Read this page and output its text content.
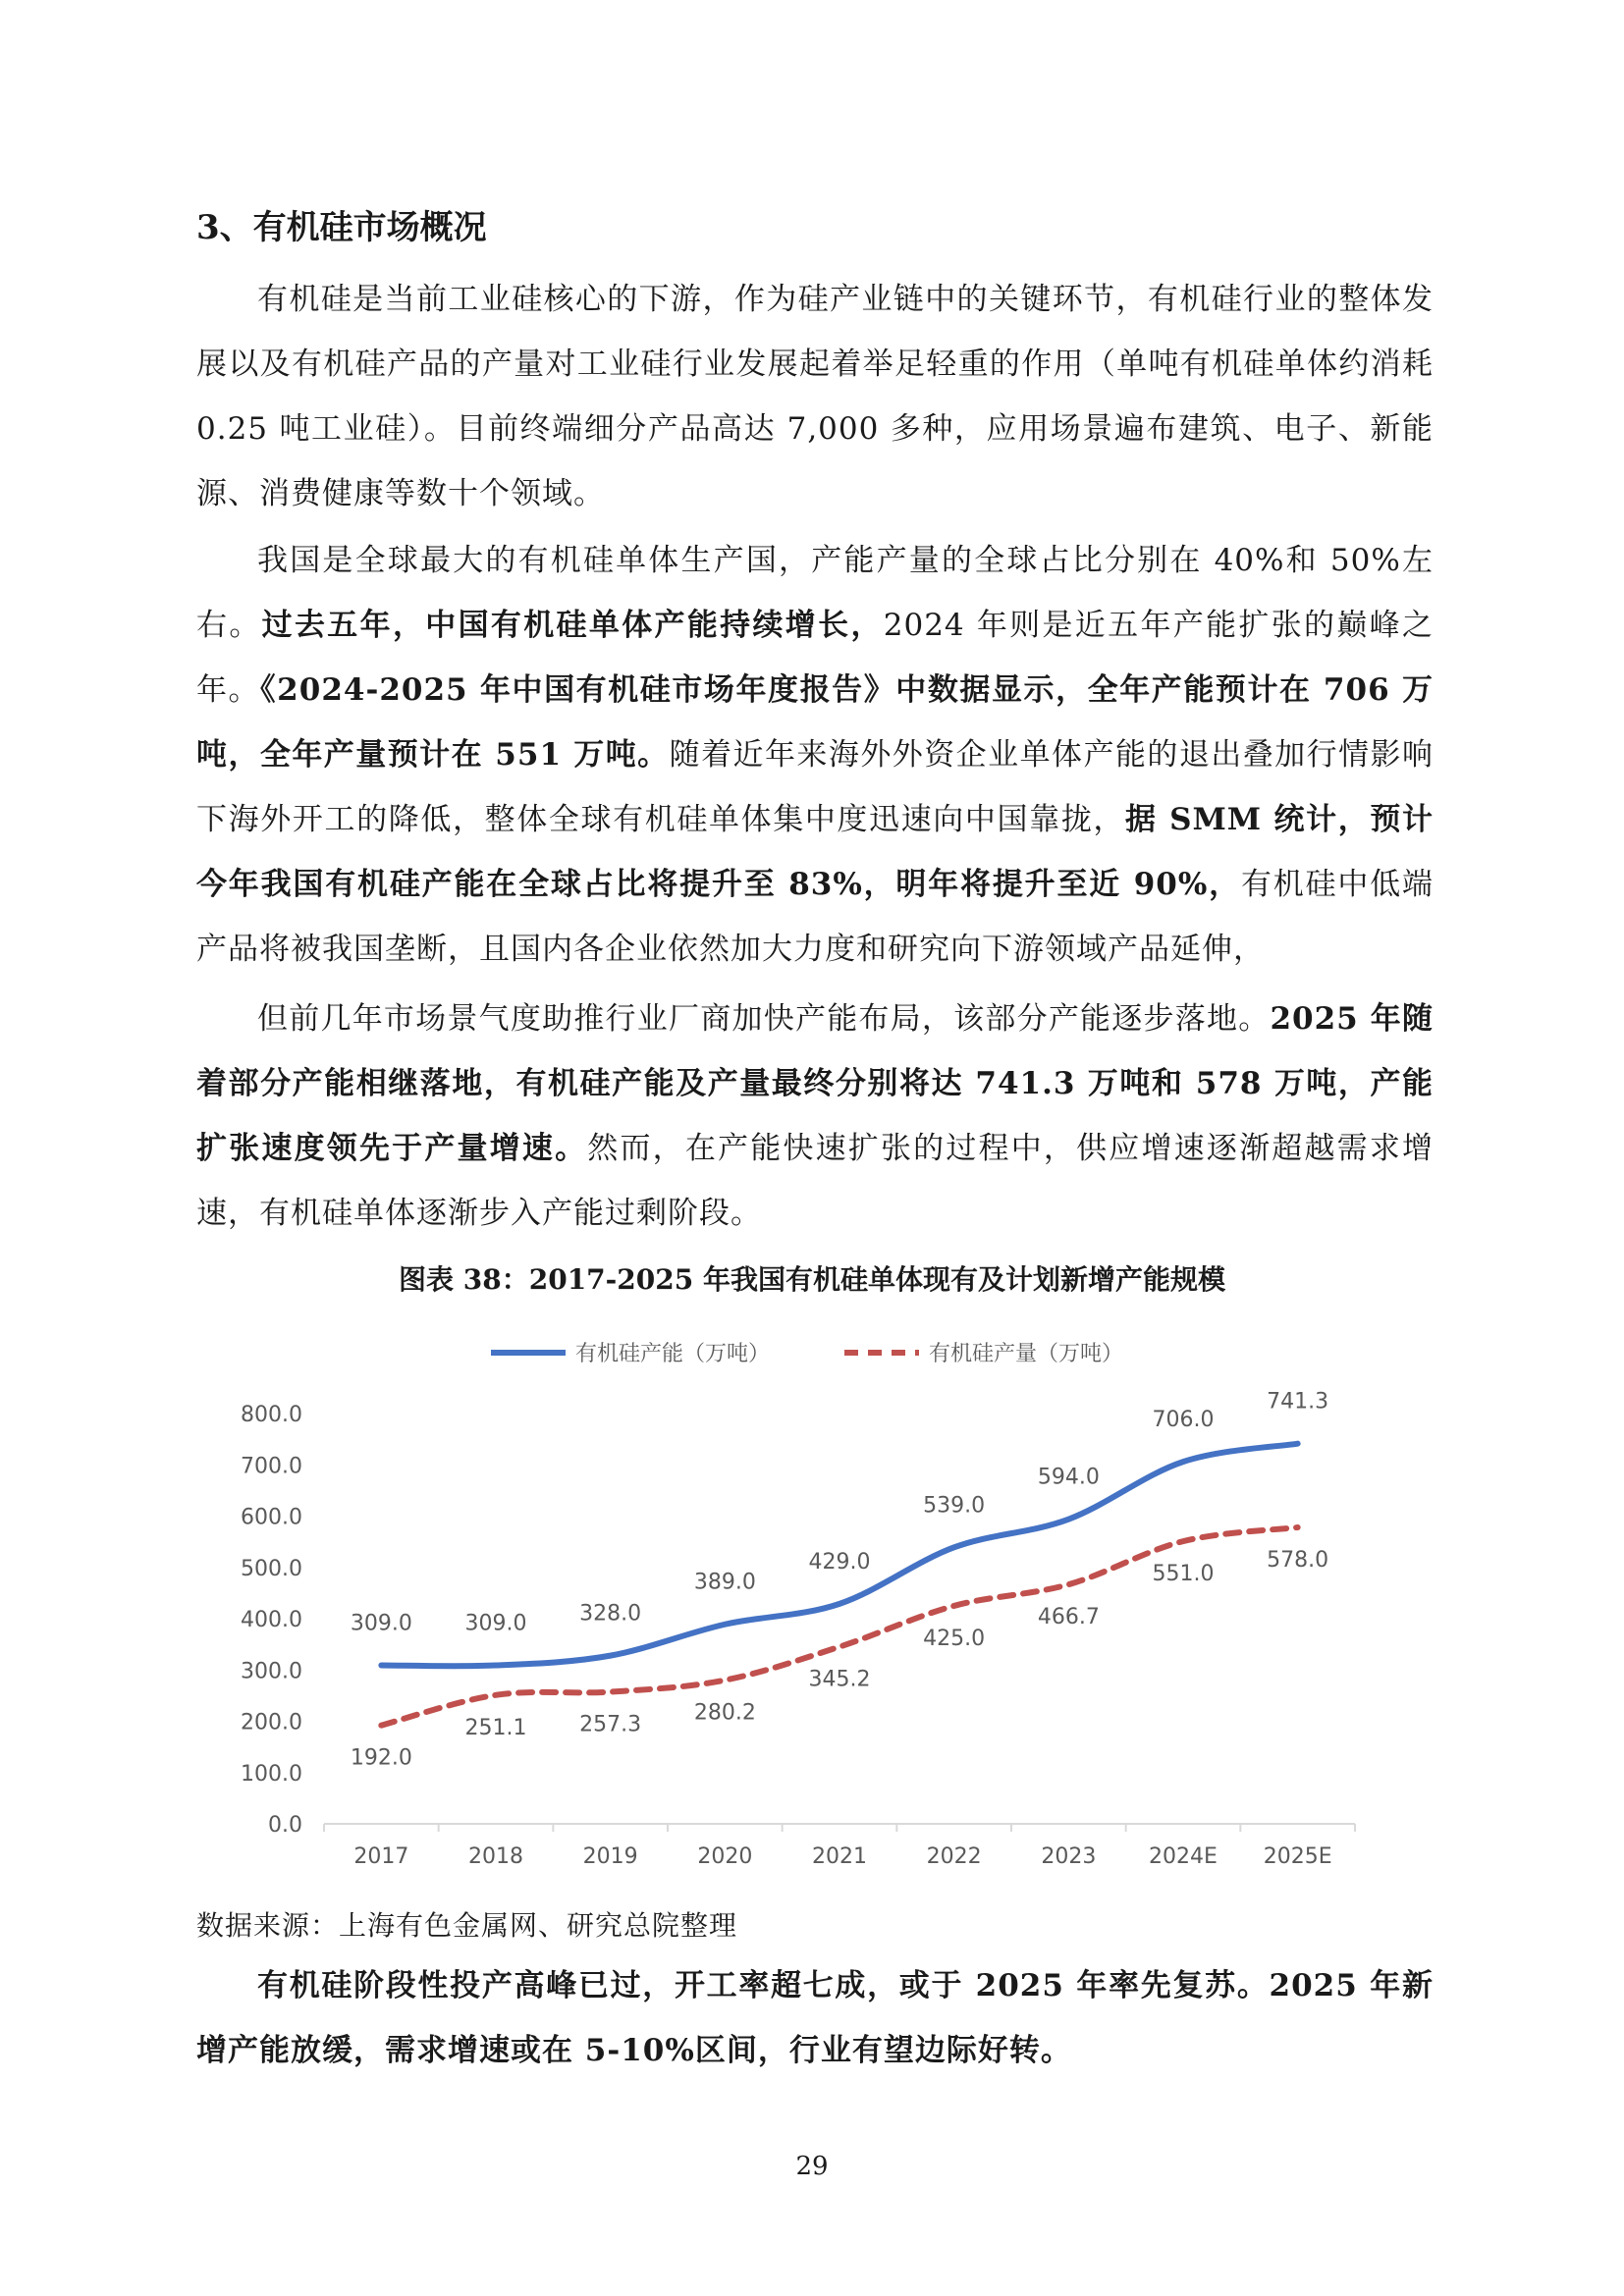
3、有机硅市场概况

有机硅是当前工业硅核心的下游，作为硅产业链中的关键环节，有机硅行业的整体发展以及有机硅产品的产量对工业硅行业发展起着举足轻重的作用（单吨有机硅单体约消耗 0.25 吨工业硅）。目前终端细分产品高达 7,000 多种，应用场景遍布建筑、电子、新能源、消费健康等数十个领域。

我国是全球最大的有机硅单体生产国，产能产量的全球占比分别在 40%和 50%左右。过去五年，中国有机硅单体产能持续增长，2024 年则是近五年产能扩张的巅峰之年。《2024-2025 年中国有机硅市场年度报告》中数据显示，全年产能预计在 706 万吨，全年产量预计在 551 万吨。随着近年来海外外资企业单体产能的退出叠加行情影响下海外开工的降低，整体全球有机硅单体集中度迅速向中国靠拢，据 SMM 统计，预计今年我国有机硅产能在全球占比将提升至 83%，明年将提升至近 90%，有机硅中低端产品将被我国垄断，且国内各企业依然加大力度和研究向下游领域产品延伸，

但前几年市场景气度助推行业厂商加快产能布局，该部分产能逐步落地。2025 年随着部分产能相继落地，有机硅产能及产量最终分别将达 741.3 万吨和 578 万吨，产能扩张速度领先于产量增速。然而，在产能快速扩张的过程中，供应增速逐渐超越需求增速，有机硅单体逐渐步入产能过剩阶段。

图表 38：2017-2025 年我国有机硅单体现有及计划新增产能规模
0.0
100.0
200.0
300.0
400.0
500.0
600.0
700.0
800.0
2017	2018	2019	2020	2021	2022	2023 2024E 2025E
309.0 309.0 328.0
389.0
429.0
539.0
594.0
706.0
741.3
192.0
251.1 257.3 280.2
345.2
425.0
466.7
551.0
578.0
有机硅产能（万吨）	有机硅产量（万吨）
数据来源：上海有色金属网、研究总院整理

有机硅阶段性投产高峰已过，开工率超七成，或于 2025 年率先复苏。2025 年新增产能放缓，需求增速或在 5-10%区间，行业有望边际好转。

29
